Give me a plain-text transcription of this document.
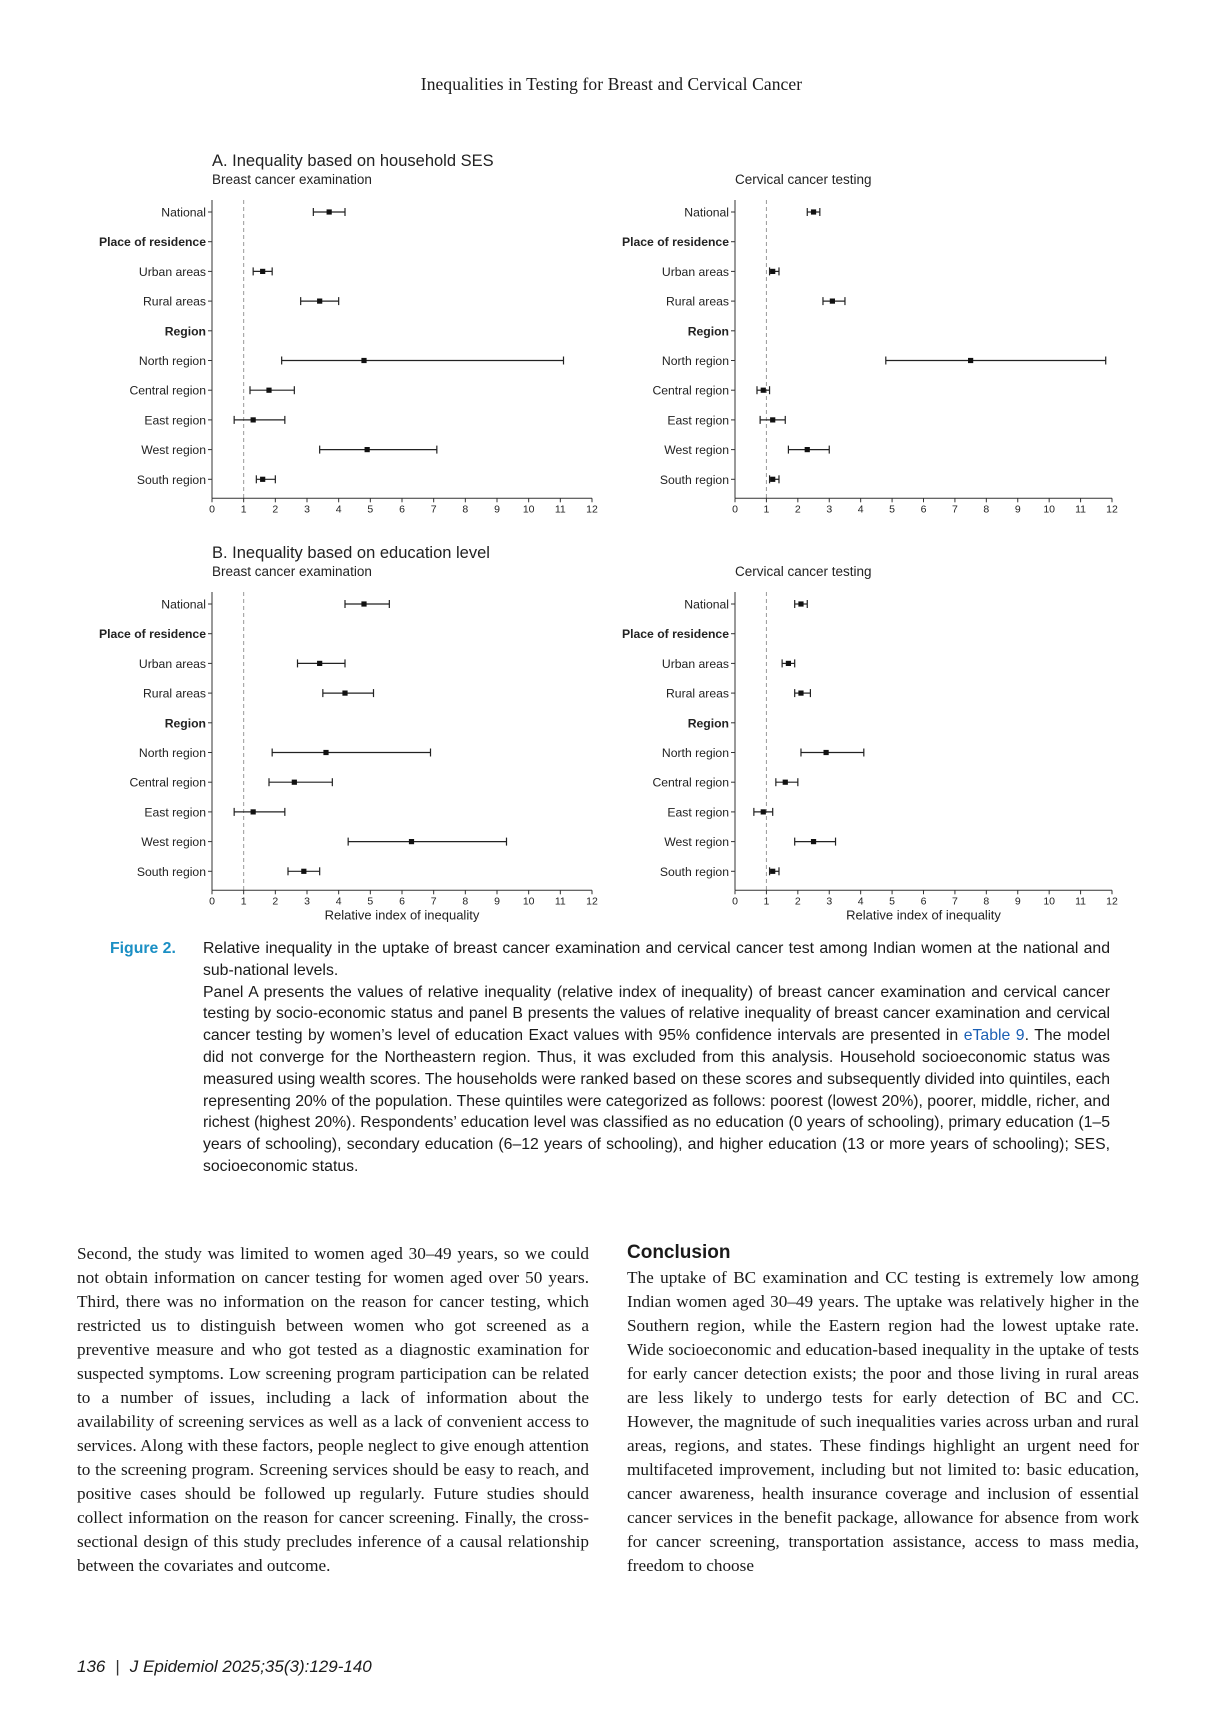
Inequalities in Testing for Breast and Cervical Cancer
A. Inequality based on household SES
Breast cancer examination
0 1 2 3 4 5 6 7 8 9 10 11 12
National
Place of residence
Urban areas
Rural areas
Region
North region
Central region
East region
West region
South region
Cervical cancer testing
0 1 2 3 4 5 6 7 8 9 10 11 12
National
Place of residence
Urban areas
Rural areas
Region
North region
Central region
East region
West region
South region
B. Inequality based on education level
Breast cancer examination
0 1 2 3 4 5 6 7 8 9 10 11 12
Relative index of inequality
National
Place of residence
Urban areas
Rural areas
Region
North region
Central region
East region
West region
South region
Cervical cancer testing
0 1 2 3 4 5 6 7 8 9 10 11 12
Relative index of inequality
National
Place of residence
Urban areas
Rural areas
Region
North region
Central region
East region
West region
South region
Figure 2. Relative inequality in the uptake of breast cancer examination and cervical cancer test among Indian women at the national and sub-national levels.

Panel A presents the values of relative inequality (relative index of inequality) of breast cancer examination and cervical cancer testing by socio-economic status and panel B presents the values of relative inequality of breast cancer examination and cervical cancer testing by women’s level of education Exact values with 95% confidence intervals are presented in eTable 9. The model did not converge for the Northeastern region. Thus, it was excluded from this analysis. Household socioeconomic status was measured using wealth scores. The households were ranked based on these scores and subsequently divided into quintiles, each representing 20% of the population. These quintiles were categorized as follows: poorest (lowest 20%), poorer, middle, richer, and richest (highest 20%). Respondents’ education level was classified as no education (0 years of schooling), primary education (1–5 years of schooling), secondary education (6–12 years of schooling), and higher education (13 or more years of schooling); SES, socioeconomic status.

Second, the study was limited to women aged 30–49 years, so we could not obtain information on cancer testing for women aged over 50 years. Third, there was no information on the reason for cancer testing, which restricted us to distinguish between women who got screened as a preventive measure and who got tested as a diagnostic examination for suspected symptoms. Low screening program participation can be related to a number of issues, including a lack of information about the availability of screening services as well as a lack of convenient access to services. Along with these factors, people neglect to give enough attention to the screening program. Screening services should be easy to reach, and positive cases should be followed up regularly. Future studies should collect information on the reason for cancer screening. Finally, the cross-sectional design of this study precludes inference of a causal relationship between the covariates and outcome.

Conclusion

The uptake of BC examination and CC testing is extremely low among Indian women aged 30–49 years. The uptake was relatively higher in the Southern region, while the Eastern region had the lowest uptake rate. Wide socioeconomic and education-based inequality in the uptake of tests for early cancer detection exists; the poor and those living in rural areas are less likely to undergo tests for early detection of BC and CC. However, the magnitude of such inequalities varies across urban and rural areas, regions, and states. These findings highlight an urgent need for multifaceted improvement, including but not limited to: basic education, cancer awareness, health insurance coverage and inclusion of essential cancer services in the benefit package, allowance for absence from work for cancer screening, transportation assistance, access to mass media, freedom to choose

136 | J Epidemiol 2025;35(3):129-140
